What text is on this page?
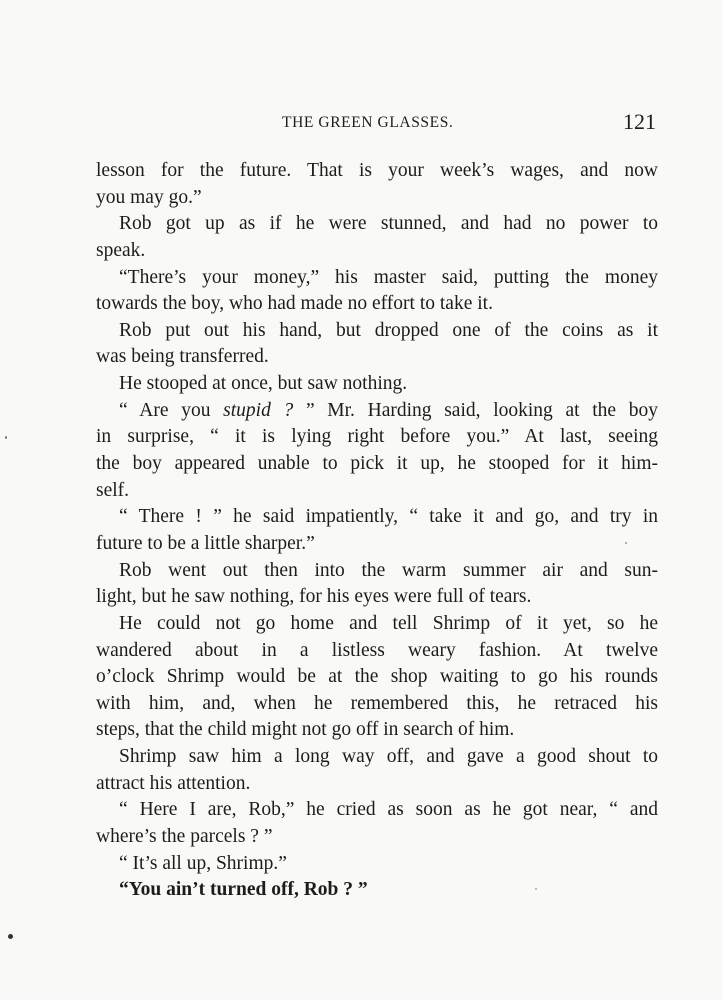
THE GREEN GLASSES.	121
lesson for the future. That is your week’s wages, and now
you may go.”
Rob got up as if he were stunned, and had no power to
speak.
“There’s your money,” his master said, putting the money
towards the boy, who had made no effort to take it.
Rob put out his hand, but dropped one of the coins as it
was being transferred.
He stooped at once, but saw nothing.
“ Are you stupid ? ” Mr. Harding said, looking at the boy
in surprise, “ it is lying right before you.” At last, seeing
the boy appeared unable to pick it up, he stooped for it him-
self.
“ There ! ” he said impatiently, “ take it and go, and try in
future to be a little sharper.”
Rob went out then into the warm summer air and sun-
light, but he saw nothing, for his eyes were full of tears.
He could not go home and tell Shrimp of it yet, so he
wandered about in a listless weary fashion. At twelve
o’clock Shrimp would be at the shop waiting to go his rounds
with him, and, when he remembered this, he retraced his
steps, that the child might not go off in search of him.
Shrimp saw him a long way off, and gave a good shout to
attract his attention.
“ Here I are, Rob,” he cried as soon as he got near, “ and
where’s the parcels ? ”
“ It’s all up, Shrimp.”
“You ain’t turned off, Rob ? ”
